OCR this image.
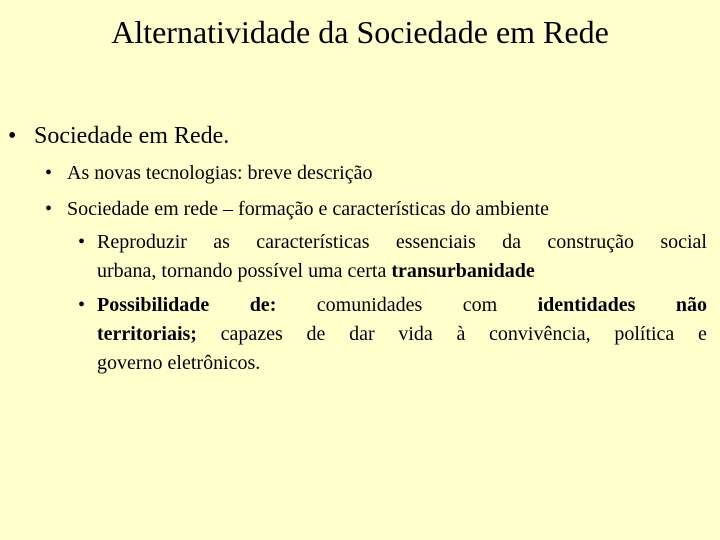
Alternatividade da Sociedade em Rede
• Sociedade em Rede.
• As novas tecnologias: breve descrição
• Sociedade em rede – formação e características do ambiente
• Reproduzir as características essenciais da construção social
urbana, tornando possível uma certa transurbanidade
• Possibilidade de: comunidades com identidades não
territoriais; capazes de dar vida à convivência, política e
governo eletrônicos.
